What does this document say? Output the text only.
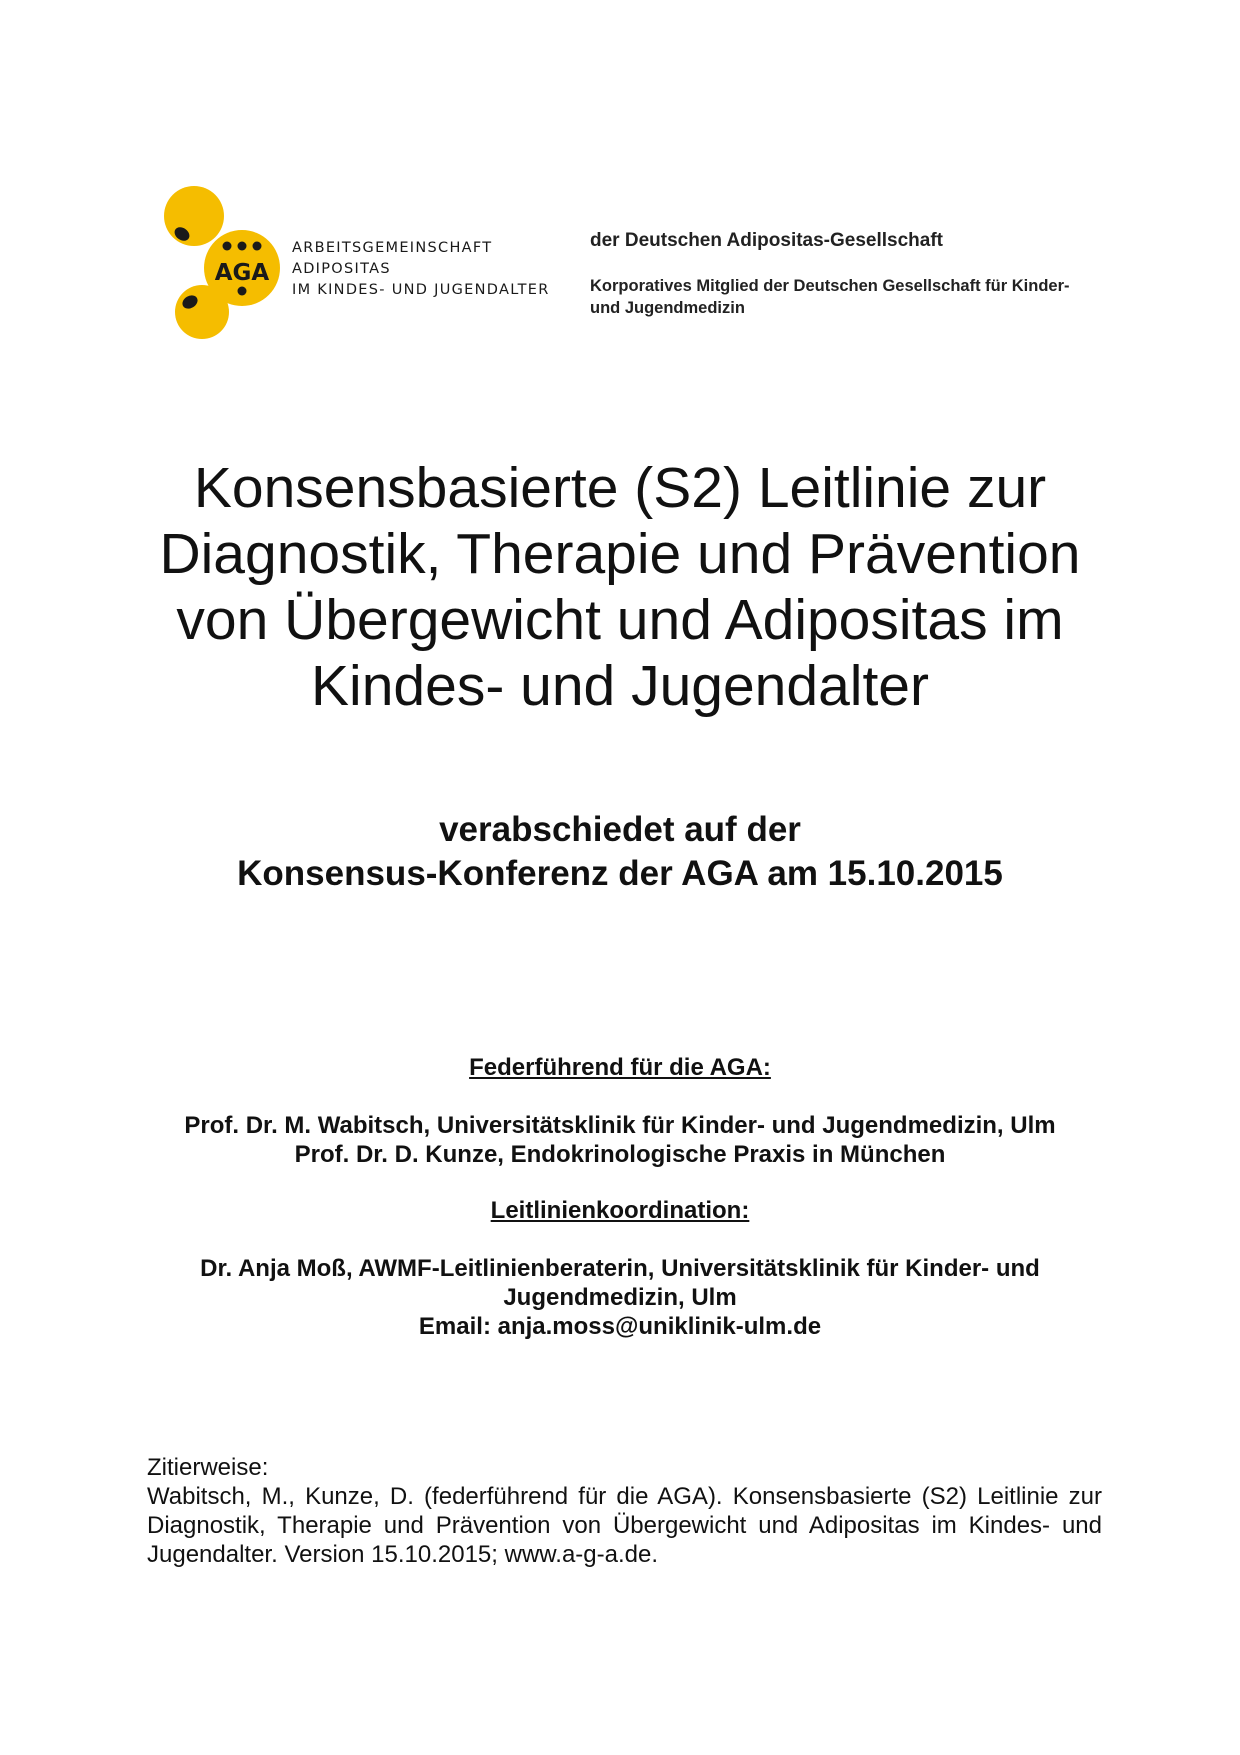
AGA
ARBEITSGEMEINSCHAFT
ADIPOSITAS
IM KINDES- UND JUGENDALTER
der Deutschen Adipositas-Gesellschaft
Korporatives Mitglied der Deutschen Gesellschaft für Kinder-
und Jugendmedizin
Konsensbasierte (S2) Leitlinie zur
Diagnostik, Therapie und Prävention
von Übergewicht und Adipositas im
Kindes- und Jugendalter
verabschiedet auf der
Konsensus-Konferenz der AGA am 15.10.2015
Federführend für die AGA:
Prof. Dr. M. Wabitsch, Universitätsklinik für Kinder- und Jugendmedizin, Ulm
Prof. Dr. D. Kunze, Endokrinologische Praxis in München
Leitlinienkoordination:
Dr. Anja Moß, AWMF-Leitlinienberaterin, Universitätsklinik für Kinder- und
Jugendmedizin, Ulm
Email: anja.moss@uniklinik-ulm.de
Zitierweise:
Wabitsch, M., Kunze, D. (federführend für die AGA). Konsensbasierte (S2) Leitlinie zur
Diagnostik, Therapie und Prävention von Übergewicht und Adipositas im Kindes- und
Jugendalter. Version 15.10.2015; www.a-g-a.de.
